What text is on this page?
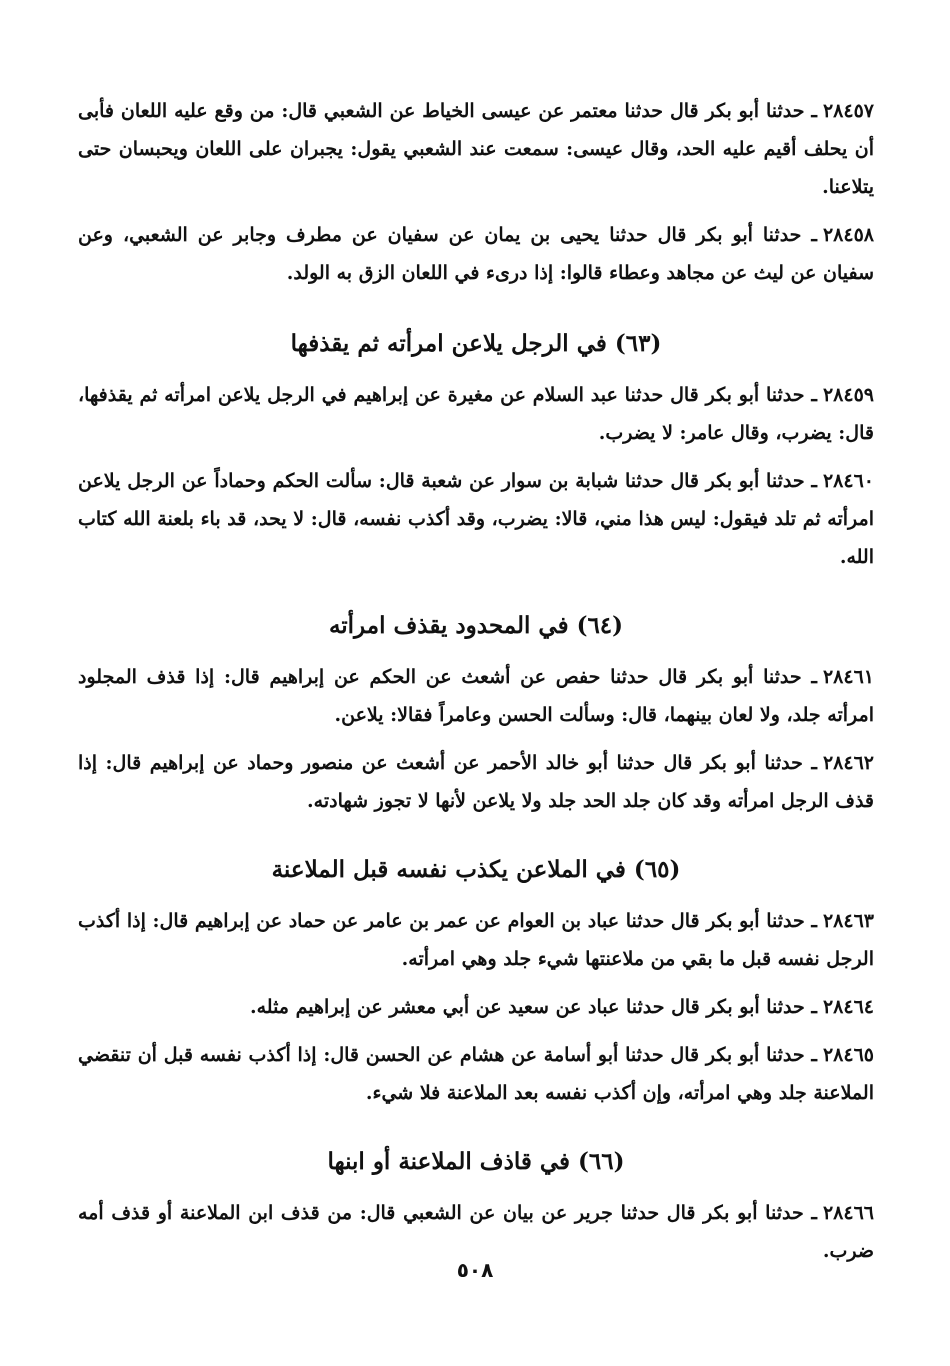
٢٨٤٥٧ـ حدثنا أبو بكر قال حدثنا معتمر عن عيسى الخياط عن الشعبي قال: من وقع عليه اللعان فأبى أن يحلف أقيم عليه الحد، وقال عيسى: سمعت عند الشعبي يقول: يجبران على اللعان ويحبسان حتى يتلاعنا.

٢٨٤٥٨ـ حدثنا أبو بكر قال حدثنا يحيى بن يمان عن سفيان عن مطرف وجابر عن الشعبي، وعن سفيان عن ليث عن مجاهد وعطاء قالوا: إذا درىء في اللعان الزق به الولد.

(٦٣)في الرجل يلاعن امرأته ثم يقذفها

٢٨٤٥٩ـ حدثنا أبو بكر قال حدثنا عبد السلام عن مغيرة عن إبراهيم في الرجل يلاعن امرأته ثم يقذفها، قال: يضرب، وقال عامر: لا يضرب.

٢٨٤٦٠ـ حدثنا أبو بكر قال حدثنا شبابة بن سوار عن شعبة قال: سألت الحكم وحماداً عن الرجل يلاعن امرأته ثم تلد فيقول: ليس هذا مني، قالا: يضرب، وقد أكذب نفسه، قال: لا يحد، قد باء بلعنة الله كتاب الله.

(٦٤)في المحدود يقذف امرأته

٢٨٤٦١ـ حدثنا أبو بكر قال حدثنا حفص عن أشعث عن الحكم عن إبراهيم قال: إذا قذف المجلود امرأته جلد، ولا لعان بينهما، قال: وسألت الحسن وعامراً فقالا: يلاعن.

٢٨٤٦٢ـ حدثنا أبو بكر قال حدثنا أبو خالد الأحمر عن أشعث عن منصور وحماد عن إبراهيم قال: إذا قذف الرجل امرأته وقد كان جلد الحد جلد ولا يلاعن لأنها لا تجوز شهادته.

(٦٥)في الملاعن يكذب نفسه قبل الملاعنة

٢٨٤٦٣ـ حدثنا أبو بكر قال حدثنا عباد بن العوام عن عمر بن عامر عن حماد عن إبراهيم قال: إذا أكذب الرجل نفسه قبل ما بقي من ملاعنتها شيء جلد وهي امرأته.

٢٨٤٦٤ـ حدثنا أبو بكر قال حدثنا عباد عن سعيد عن أبي معشر عن إبراهيم مثله.

٢٨٤٦٥ـ حدثنا أبو بكر قال حدثنا أبو أسامة عن هشام عن الحسن قال: إذا أكذب نفسه قبل أن تنقضي الملاعنة جلد وهي امرأته، وإن أكذب نفسه بعد الملاعنة فلا شيء.

(٦٦)في قاذف الملاعنة أو ابنها

٢٨٤٦٦ـ حدثنا أبو بكر قال حدثنا جرير عن بيان عن الشعبي قال: من قذف ابن الملاعنة أو قذف أمه ضرب.

٥٠٨
